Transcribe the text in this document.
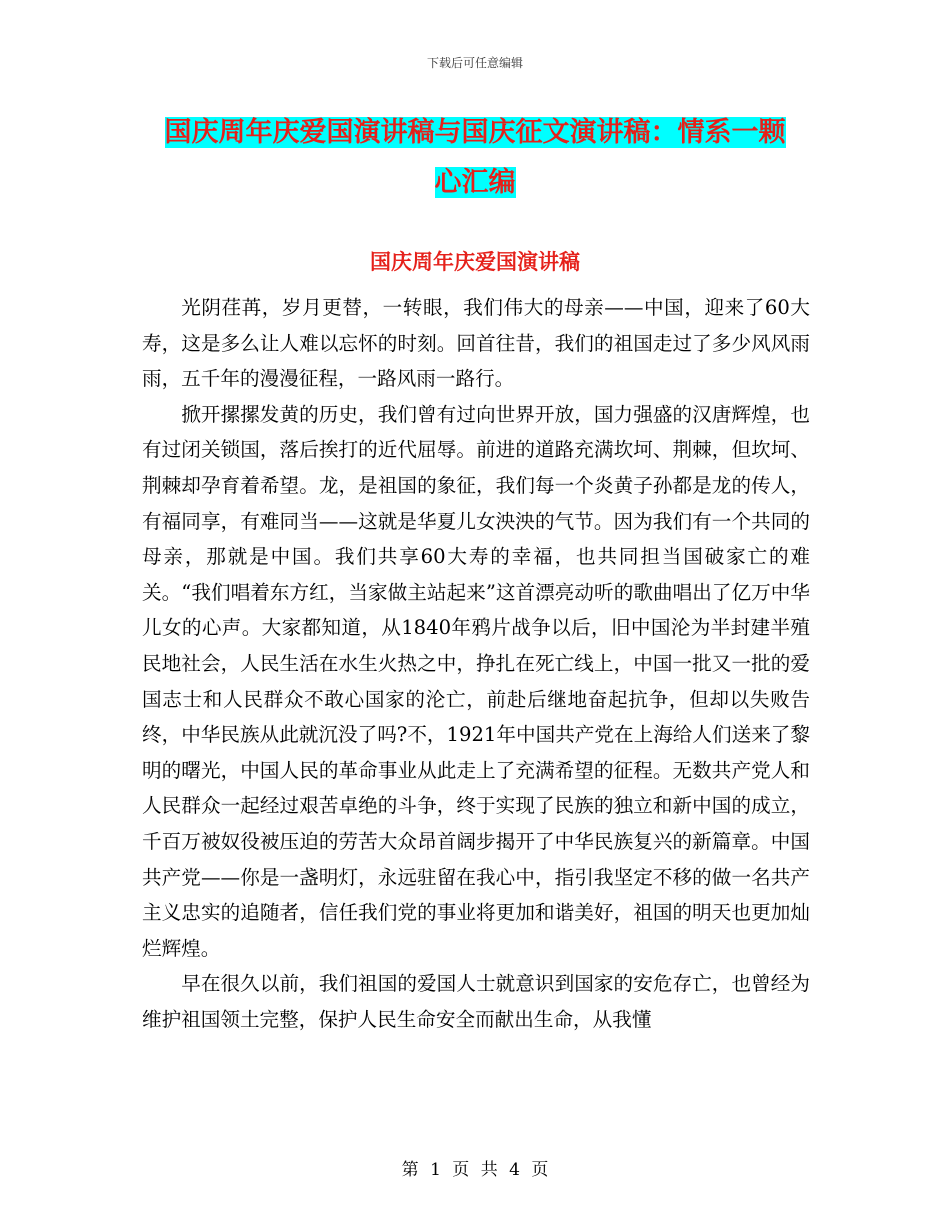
下载后可任意编辑
国庆周年庆爱国演讲稿与国庆征文演讲稿：情系一颗
心汇编
国庆周年庆爱国演讲稿

光阴荏苒，岁月更替，一转眼，我们伟大的母亲——中国，迎来了60大寿，这是多么让人难以忘怀的时刻。回首往昔，我们的祖国走过了多少风风雨雨，五千年的漫漫征程，一路风雨一路行。

掀开摞摞发黄的历史，我们曾有过向世界开放，国力强盛的汉唐辉煌，也有过闭关锁国，落后挨打的近代屈辱。前进的道路充满坎坷、荆棘，但坎坷、荆棘却孕育着希望。龙，是祖国的象征，我们每一个炎黄子孙都是龙的传人，有福同享，有难同当——这就是华夏儿女泱泱的气节。因为我们有一个共同的母亲，那就是中国。我们共享60大寿的幸福，也共同担当国破家亡的难关。“我们唱着东方红，当家做主站起来”这首漂亮动听的歌曲唱出了亿万中华儿女的心声。大家都知道，从1840年鸦片战争以后，旧中国沦为半封建半殖民地社会，人民生活在水生火热之中，挣扎在死亡线上，中国一批又一批的爱国志士和人民群众不敢心国家的沦亡，前赴后继地奋起抗争，但却以失败告终，中华民族从此就沉没了吗?不，1921年中国共产党在上海给人们送来了黎明的曙光，中国人民的革命事业从此走上了充满希望的征程。无数共产党人和人民群众一起经过艰苦卓绝的斗争，终于实现了民族的独立和新中国的成立，千百万被奴役被压迫的劳苦大众昂首阔步揭开了中华民族复兴的新篇章。中国共产党——你是一盏明灯，永远驻留在我心中，指引我坚定不移的做一名共产主义忠实的追随者，信任我们党的事业将更加和谐美好，祖国的明天也更加灿烂辉煌。

早在很久以前，我们祖国的爱国人士就意识到国家的安危存亡，也曾经为维护祖国领土完整，保护人民生命安全而献出生命，从我懂

第 1 页 共 4 页
